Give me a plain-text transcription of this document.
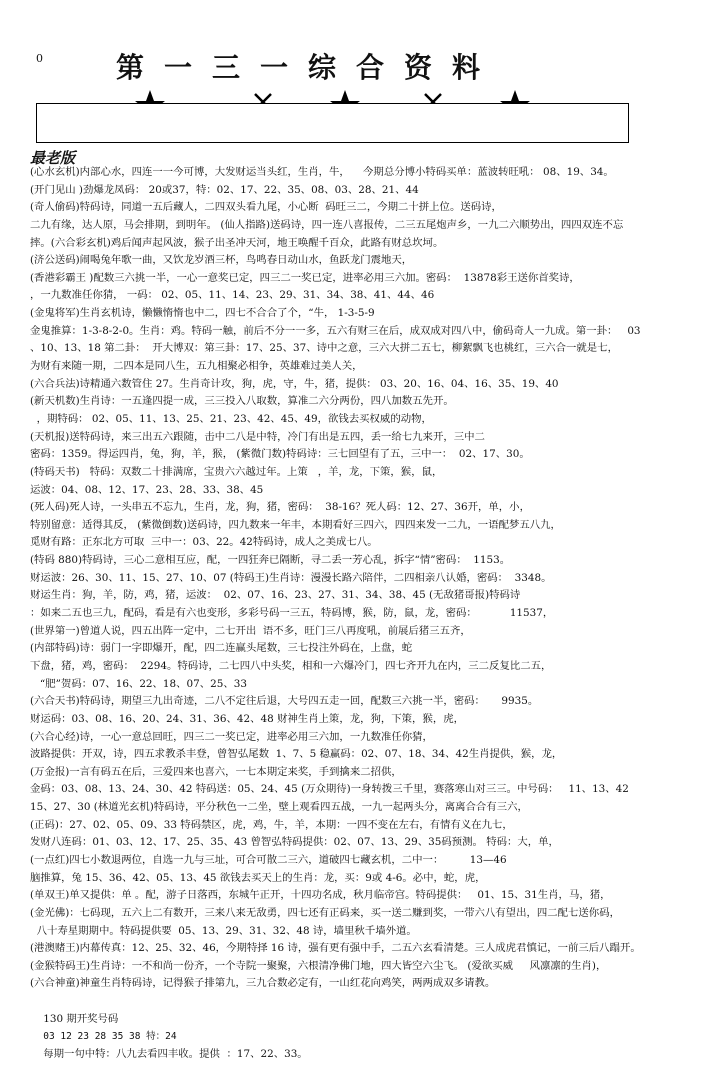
0	第一三一综合资料
最老版
(心水玄机)内部心水，四连一一今可博，大发财运当头红，生肖，牛，    今期总分博小特码买单：蓝波转旺吼： 08、19、34。
(开门见山 )劲爆龙凤码： 20或37，特：02、17、22、35、08、03、28、21、44
(奇人偷码)特码诗，同道一五后藏人，二四双头看九尾，小心断  码旺三二，今期二十拼上位。送码诗，
二九有缘，达人原，马会排期，到明年。 (仙人指路)送码诗，四一连八喜报传，二三五尾炮声乡，一九二六顺势出，四四双连不忘
摔。(六合彩玄机)鸡后闻声起风波，猴子出圣冲天河，地王唤醒千百众，此路有财总坎坷。
(济公送码)闹喝兔年歌一曲，又饮龙岁酒三杯，鸟鸣春日动山水，鱼跃龙门震地天，
(香港彩霸王 )配数三六挑一半，一心一意奖已定，四三二一奖已定，进率必用三六加。密码：  13878彩王送你首奖诗，
，一九数准任你猜， 一码： 02、05、11、14、23、29、31、34、38、41、44、46
(金鬼将军)生肖玄机诗，懒懒惰惰也中二，四七不合合了个，“牛， 1-3-5-9
金鬼推算：1-3-8-2-0。生肖：鸡。特码一触，前后不分一一多，五六有财三在后，成双成对四八中，偷码奇人一九成。第一卦：   03
、10、13、18 第二卦：  开大博双：第三卦：17、25、37、诗中之意，三六大拼二五七，柳絮飘飞也桃红，三六合一就是七，
为财有来随一期，二四本是同八生，五九相聚必相争，英雄难过美人关，
(六合兵法)诗精通六数管住 27。生肖奇计攻，狗，虎，守，牛，猪，提供： 03、20、16、04、16、35、19、40
(新天机数)生肖诗：一五逢四提一成，三三投入八取数，算准二六分两份，四八加数五先开。
，期特码： 02、05、11、13、25、21、23、42、45、49，欲钱去买权威的动物，
(天机报)送特码诗，来三出五六跟随，击中二八是中特，冷门有出是五四，丢一给七九来开，三中二
密码：1359。得运四肖，兔，狗，羊，猴， (紫微门数)特码诗：三七回望有了五，三中一：  02、17、30。
(特码天书)   特码：双数二十排满席，宝贵六六越过年。上策   ，羊，龙，下策，猴，鼠，
运波：04、08、12、17、23、28、33、38、45
(死人码)死人诗，一头串五不忘九，生肖，龙，狗，猪，密码：  38-16？死人码：12、27、36开，单，小，
特别留意：适得其反， (紫微倒数)送码诗，四九数来一年丰，本期看好三四六，四四来发一二九，一语配梦五八九，
觅财有路：正东北方可取  三中一：03、22。42特码诗，成人之美成七八。
(特码 880)特码诗，三心二意相互应，配，一四狂奔已隔断，寻二丢一芳心乱，拆字“情”密码：  1153。
财运波：26、30、11、15、27、10、07 (特码王)生肖诗：漫漫长路六陪伴，二四相亲八认婚，密码：  3348。
财运生肖：狗，羊，防，鸡，猪，运波：  02、07、16、23、27、31、34、38、45 (无敌猪哥报)特码诗
：如来二五也三九，配码，看是有六也变形，多彩号码一三五，特码博，猴，防，鼠，龙，密码：          11537，
(世界第一)曾道人说，四五出阵一定中，二七开出  语不多，旺门三八再度吼，前展后猪三五齐，
(内部特码)诗：弱门一字即爆开，配，四二连赢头尾数，三七投注外码在，上盘，蛇
下盘，猪，鸡，密码：  2294。特码诗，二七四八中头奖，相和一六爆冷门，四七齐开九在内，三二反复比二五，
“肥”贺码：07、16、22、18、07、25、33
(六合天书)特码诗，期望三九出奇迹，二八不定往后退，大号四五走一回，配数三六挑一半，密码：     9935。
财运码：03、08、16、20、24、31、36、42、48 财神生肖上策，龙，狗，下策，猴，虎，
(六合心经)诗，一心一意总回旺，四三二一奖已定，进率必用三六加，一九数准任你猜，
波路提供：开双，诗，四五求教杀丰登，曾智弘尾数  1、7、5 稳赢码：02、07、18、34、42生肖提供，猴，龙，
(万金报)一言有码五在后，三爱四来也喜六，一七本期定来奖，手到擒来二招供，
金码：03、08、13、24、30、42 特码送：05、24、45 (万众期待)一身转拨三千里，赛落寒山对三三。中号码：   11、13、42
15、27、30 (林道光玄机)特码诗，平分秋色一二坐，壁上观看四五战，一九一起两头分，离离合合有三六，
(正码)：27、02、05、09、33 特码禁区，虎，鸡，牛，羊，本期：一四不变在左右，有情有义在九七，
发财八连码：01、03、12、17、25、35、43 曾智弘特码提供：02、07、13、29、35码预测。 特码：大，单，
(一点红)四七小数退两位，自选一九与三址，可合可散二三六，道破四七藏玄机，二中一：        13—46
脑推算，兔 15、36、42、05、13、45 欲钱去买天上的生肖：龙，买：9或 4-6。必中，蛇，虎，
(单双王)单又提供：单 。配，游子日落西，东城午正开，十四功名成，秋月临帝宫。特码提供：   01、15、31生肖，马，猪，
(金光佛)：七码现，五六上二有数开，三来八来无敌勇，四七还有正码来，买一送二赚到奖，一带六八有望出，四二配七送你码，
八十寿星期期中。特码提供要  05、13、29、31、32、48 诗，墙里秋千墙外道。
(港澳赌王)内幕传真：12、25、32、46，今期特择 16 诗，强有更有强中手，二五六玄看清楚。三人成虎君慎记，一前三后八蹋开。
(金猴特码王)生肖诗：一不和尚一份齐，一个寺院一聚聚，六根清净佛门地，四大皆空六尘飞。 (爱欲买威     风凛凛的生肖)，
(六合神童)神童生肖特码诗，记得猴子排第九，三九合数必定有，一山红花向鸡笑，两两成双多请教。

130 期开奖号码
03 12 23 28 35 38 特：24
每期一句中特：八九去看四丰收。提供  ：17、22、33。
